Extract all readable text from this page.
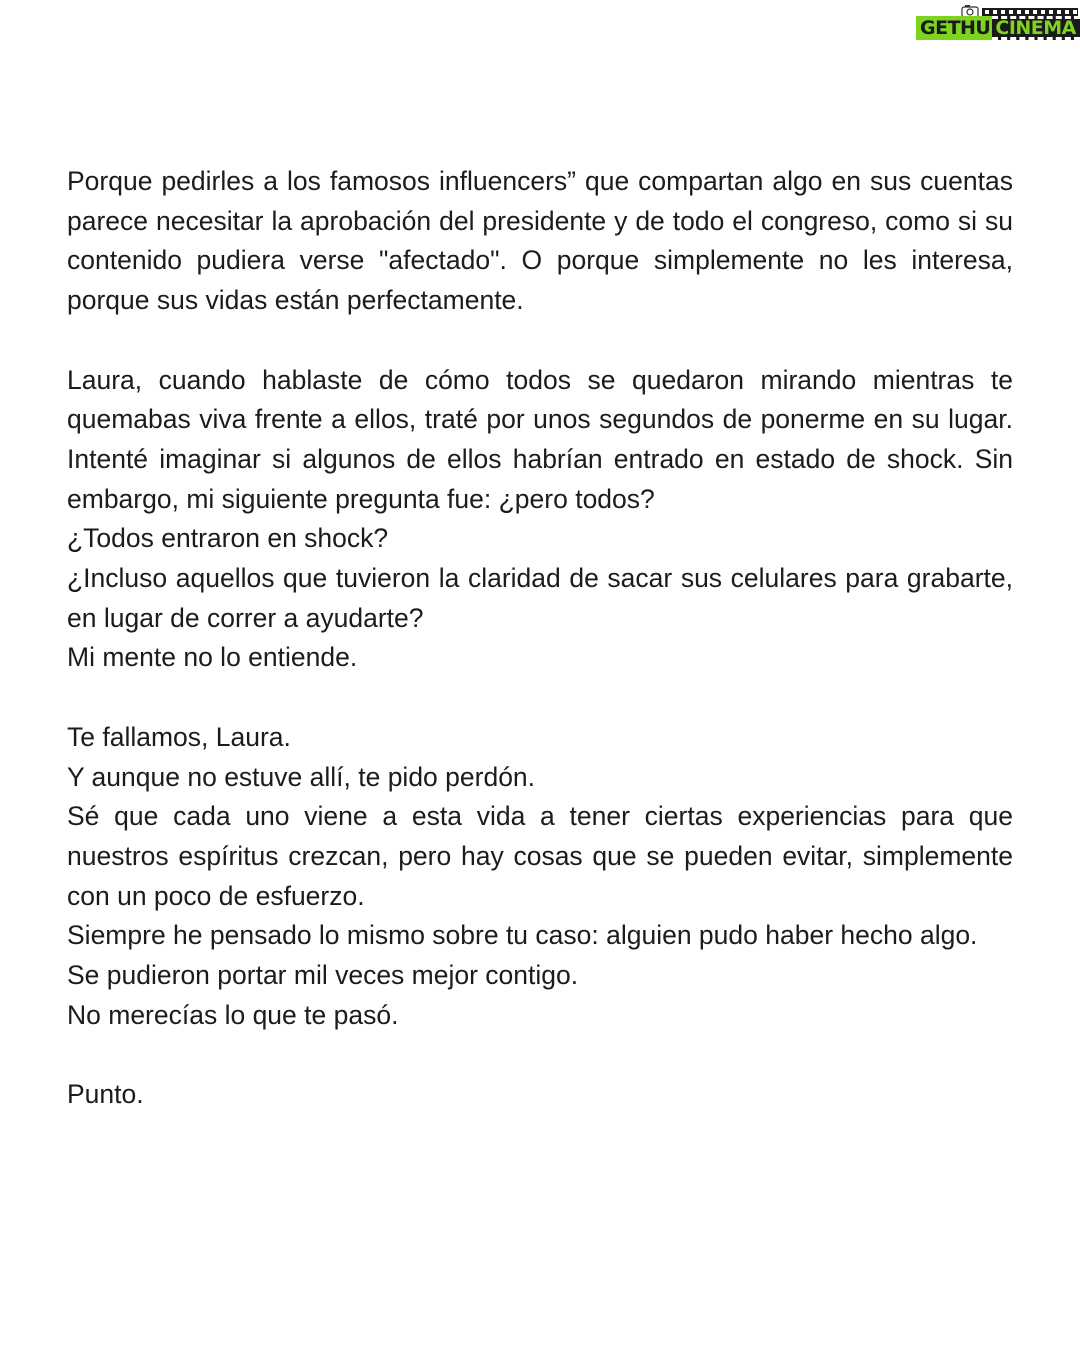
GETHU CINEMA

Porque pedirles a los famosos influencers” que compartan algo en sus cuentas parece necesitar la aprobación del presidente y de todo el congreso, como si su contenido pudiera verse "afectado". O porque simplemente no les interesa, porque sus vidas están perfectamente.

Laura, cuando hablaste de cómo todos se quedaron mirando mientras te quemabas viva frente a ellos, traté por unos segundos de ponerme en su lugar. Intenté imaginar si algunos de ellos habrían entrado en estado de shock. Sin embargo, mi siguiente pregunta fue: ¿pero todos?
¿Todos entraron en shock?
¿Incluso aquellos que tuvieron la claridad de sacar sus celulares para grabarte, en lugar de correr a ayudarte?
Mi mente no lo entiende.
Te fallamos, Laura.
Y aunque no estuve allí, te pido perdón.
Sé que cada uno viene a esta vida a tener ciertas experiencias para que nuestros espíritus crezcan, pero hay cosas que se pueden evitar, simplemente con un poco de esfuerzo.
Siempre he pensado lo mismo sobre tu caso: alguien pudo haber hecho algo.
Se pudieron portar mil veces mejor contigo.
No merecías lo que te pasó.

Punto.
